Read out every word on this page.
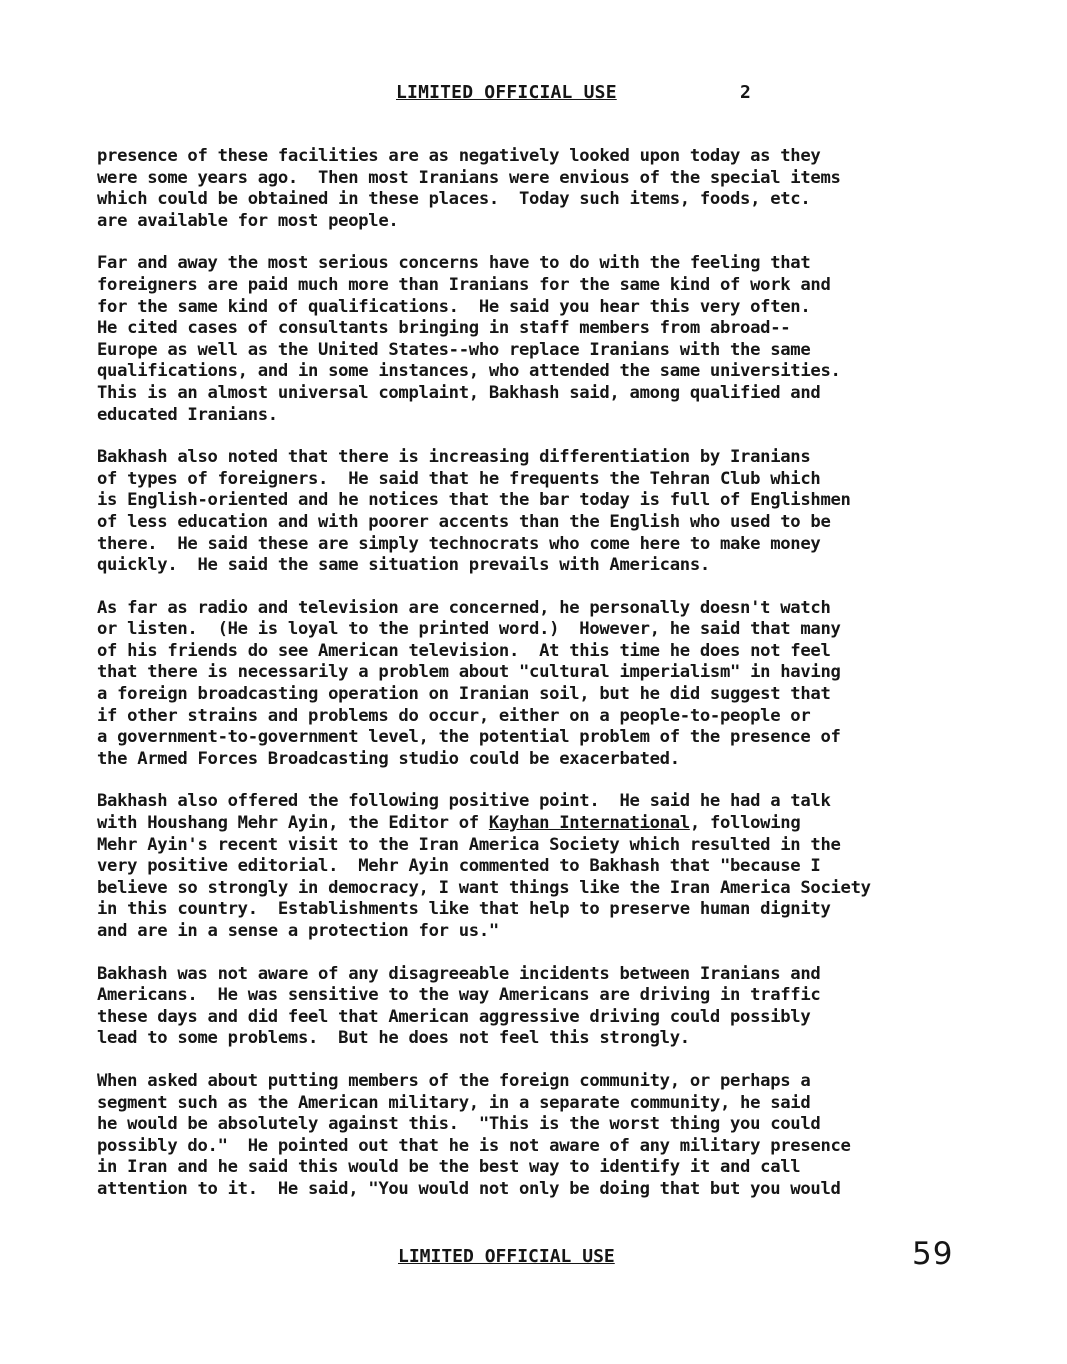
LIMITED OFFICIAL USE	2
presence of these facilities are as negatively looked upon today as they
were some years ago.  Then most Iranians were envious of the special items
which could be obtained in these places.  Today such items, foods, etc.
are available for most people.
Far and away the most serious concerns have to do with the feeling that
foreigners are paid much more than Iranians for the same kind of work and
for the same kind of qualifications.  He said you hear this very often.
He cited cases of consultants bringing in staff members from abroad--
Europe as well as the United States--who replace Iranians with the same
qualifications, and in some instances, who attended the same universities.
This is an almost universal complaint, Bakhash said, among qualified and
educated Iranians.
Bakhash also noted that there is increasing differentiation by Iranians
of types of foreigners.  He said that he frequents the Tehran Club which
is English-oriented and he notices that the bar today is full of Englishmen
of less education and with poorer accents than the English who used to be
there.  He said these are simply technocrats who come here to make money
quickly.  He said the same situation prevails with Americans.
As far as radio and television are concerned, he personally doesn't watch
or listen.  (He is loyal to the printed word.)  However, he said that many
of his friends do see American television.  At this time he does not feel
that there is necessarily a problem about "cultural imperialism" in having
a foreign broadcasting operation on Iranian soil, but he did suggest that
if other strains and problems do occur, either on a people-to-people or
a government-to-government level, the potential problem of the presence of
the Armed Forces Broadcasting studio could be exacerbated.
Bakhash also offered the following positive point.  He said he had a talk
with Houshang Mehr Ayin, the Editor of Kayhan International, following
Mehr Ayin's recent visit to the Iran America Society which resulted in the
very positive editorial.  Mehr Ayin commented to Bakhash that "because I
believe so strongly in democracy, I want things like the Iran America Society
in this country.  Establishments like that help to preserve human dignity
and are in a sense a protection for us."
Bakhash was not aware of any disagreeable incidents between Iranians and
Americans.  He was sensitive to the way Americans are driving in traffic
these days and did feel that American aggressive driving could possibly
lead to some problems.  But he does not feel this strongly.
When asked about putting members of the foreign community, or perhaps a
segment such as the American military, in a separate community, he said
he would be absolutely against this.  "This is the worst thing you could
possibly do."  He pointed out that he is not aware of any military presence
in Iran and he said this would be the best way to identify it and call
attention to it.  He said, "You would not only be doing that but you would
LIMITED OFFICIAL USE	59
